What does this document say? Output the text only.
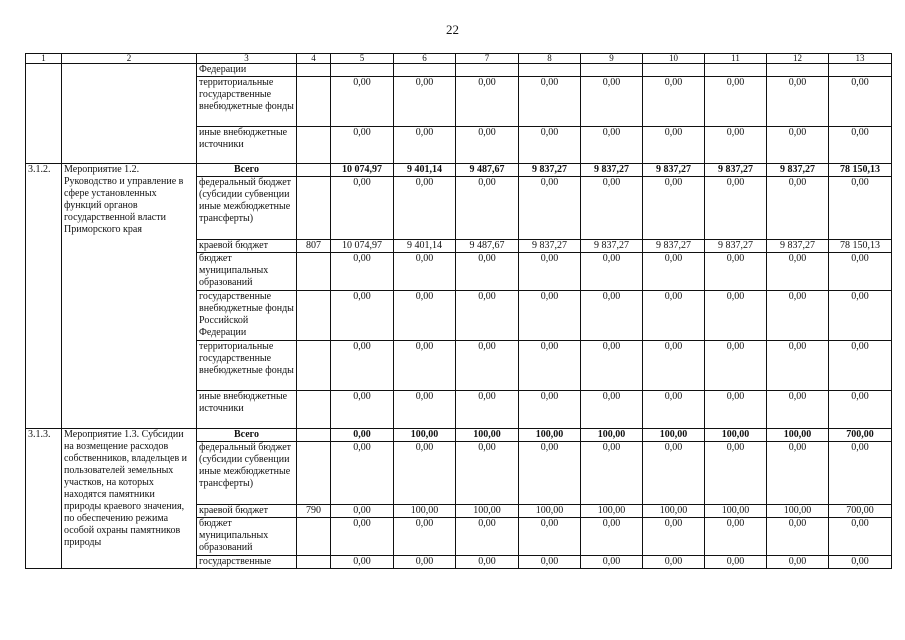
22
1	2	3	4	5	6	7	8	9	10	11	12	13
		Федерации										
		территориальные государственные внебюджетные фонды		0,00	0,00	0,00	0,00	0,00	0,00	0,00	0,00	0,00
		иные внебюджетные источники		0,00	0,00	0,00	0,00	0,00	0,00	0,00	0,00	0,00
3.1.2.	Мероприятие 1.2. Руководство и управление в сфере установленных функций органов государственной власти Приморского края	Всего		10 074,97	9 401,14	9 487,67	9 837,27	9 837,27	9 837,27	9 837,27	9 837,27	78 150,13
		федеральный бюджет (субсидии субвенции иные межбюджетные трансферты)		0,00	0,00	0,00	0,00	0,00	0,00	0,00	0,00	0,00
		краевой бюджет	807	10 074,97	9 401,14	9 487,67	9 837,27	9 837,27	9 837,27	9 837,27	9 837,27	78 150,13
		бюджет муниципальных образований		0,00	0,00	0,00	0,00	0,00	0,00	0,00	0,00	0,00
		государственные внебюджетные фонды Российской Федерации		0,00	0,00	0,00	0,00	0,00	0,00	0,00	0,00	0,00
		территориальные государственные внебюджетные фонды		0,00	0,00	0,00	0,00	0,00	0,00	0,00	0,00	0,00
		иные внебюджетные источники		0,00	0,00	0,00	0,00	0,00	0,00	0,00	0,00	0,00
3.1.3.	Мероприятие 1.3. Субсидии на возмещение расходов собственников, владельцев и пользователей земельных участков, на которых находятся памятники природы краевого значения, по обеспечению режима особой охраны памятников природы	Всего		0,00	100,00	100,00	100,00	100,00	100,00	100,00	100,00	700,00
		федеральный бюджет (субсидии субвенции иные межбюджетные трансферты)		0,00	0,00	0,00	0,00	0,00	0,00	0,00	0,00	0,00
		краевой бюджет	790	0,00	100,00	100,00	100,00	100,00	100,00	100,00	100,00	700,00
		бюджет муниципальных образований		0,00	0,00	0,00	0,00	0,00	0,00	0,00	0,00	0,00
		государственные		0,00	0,00	0,00	0,00	0,00	0,00	0,00	0,00	0,00
